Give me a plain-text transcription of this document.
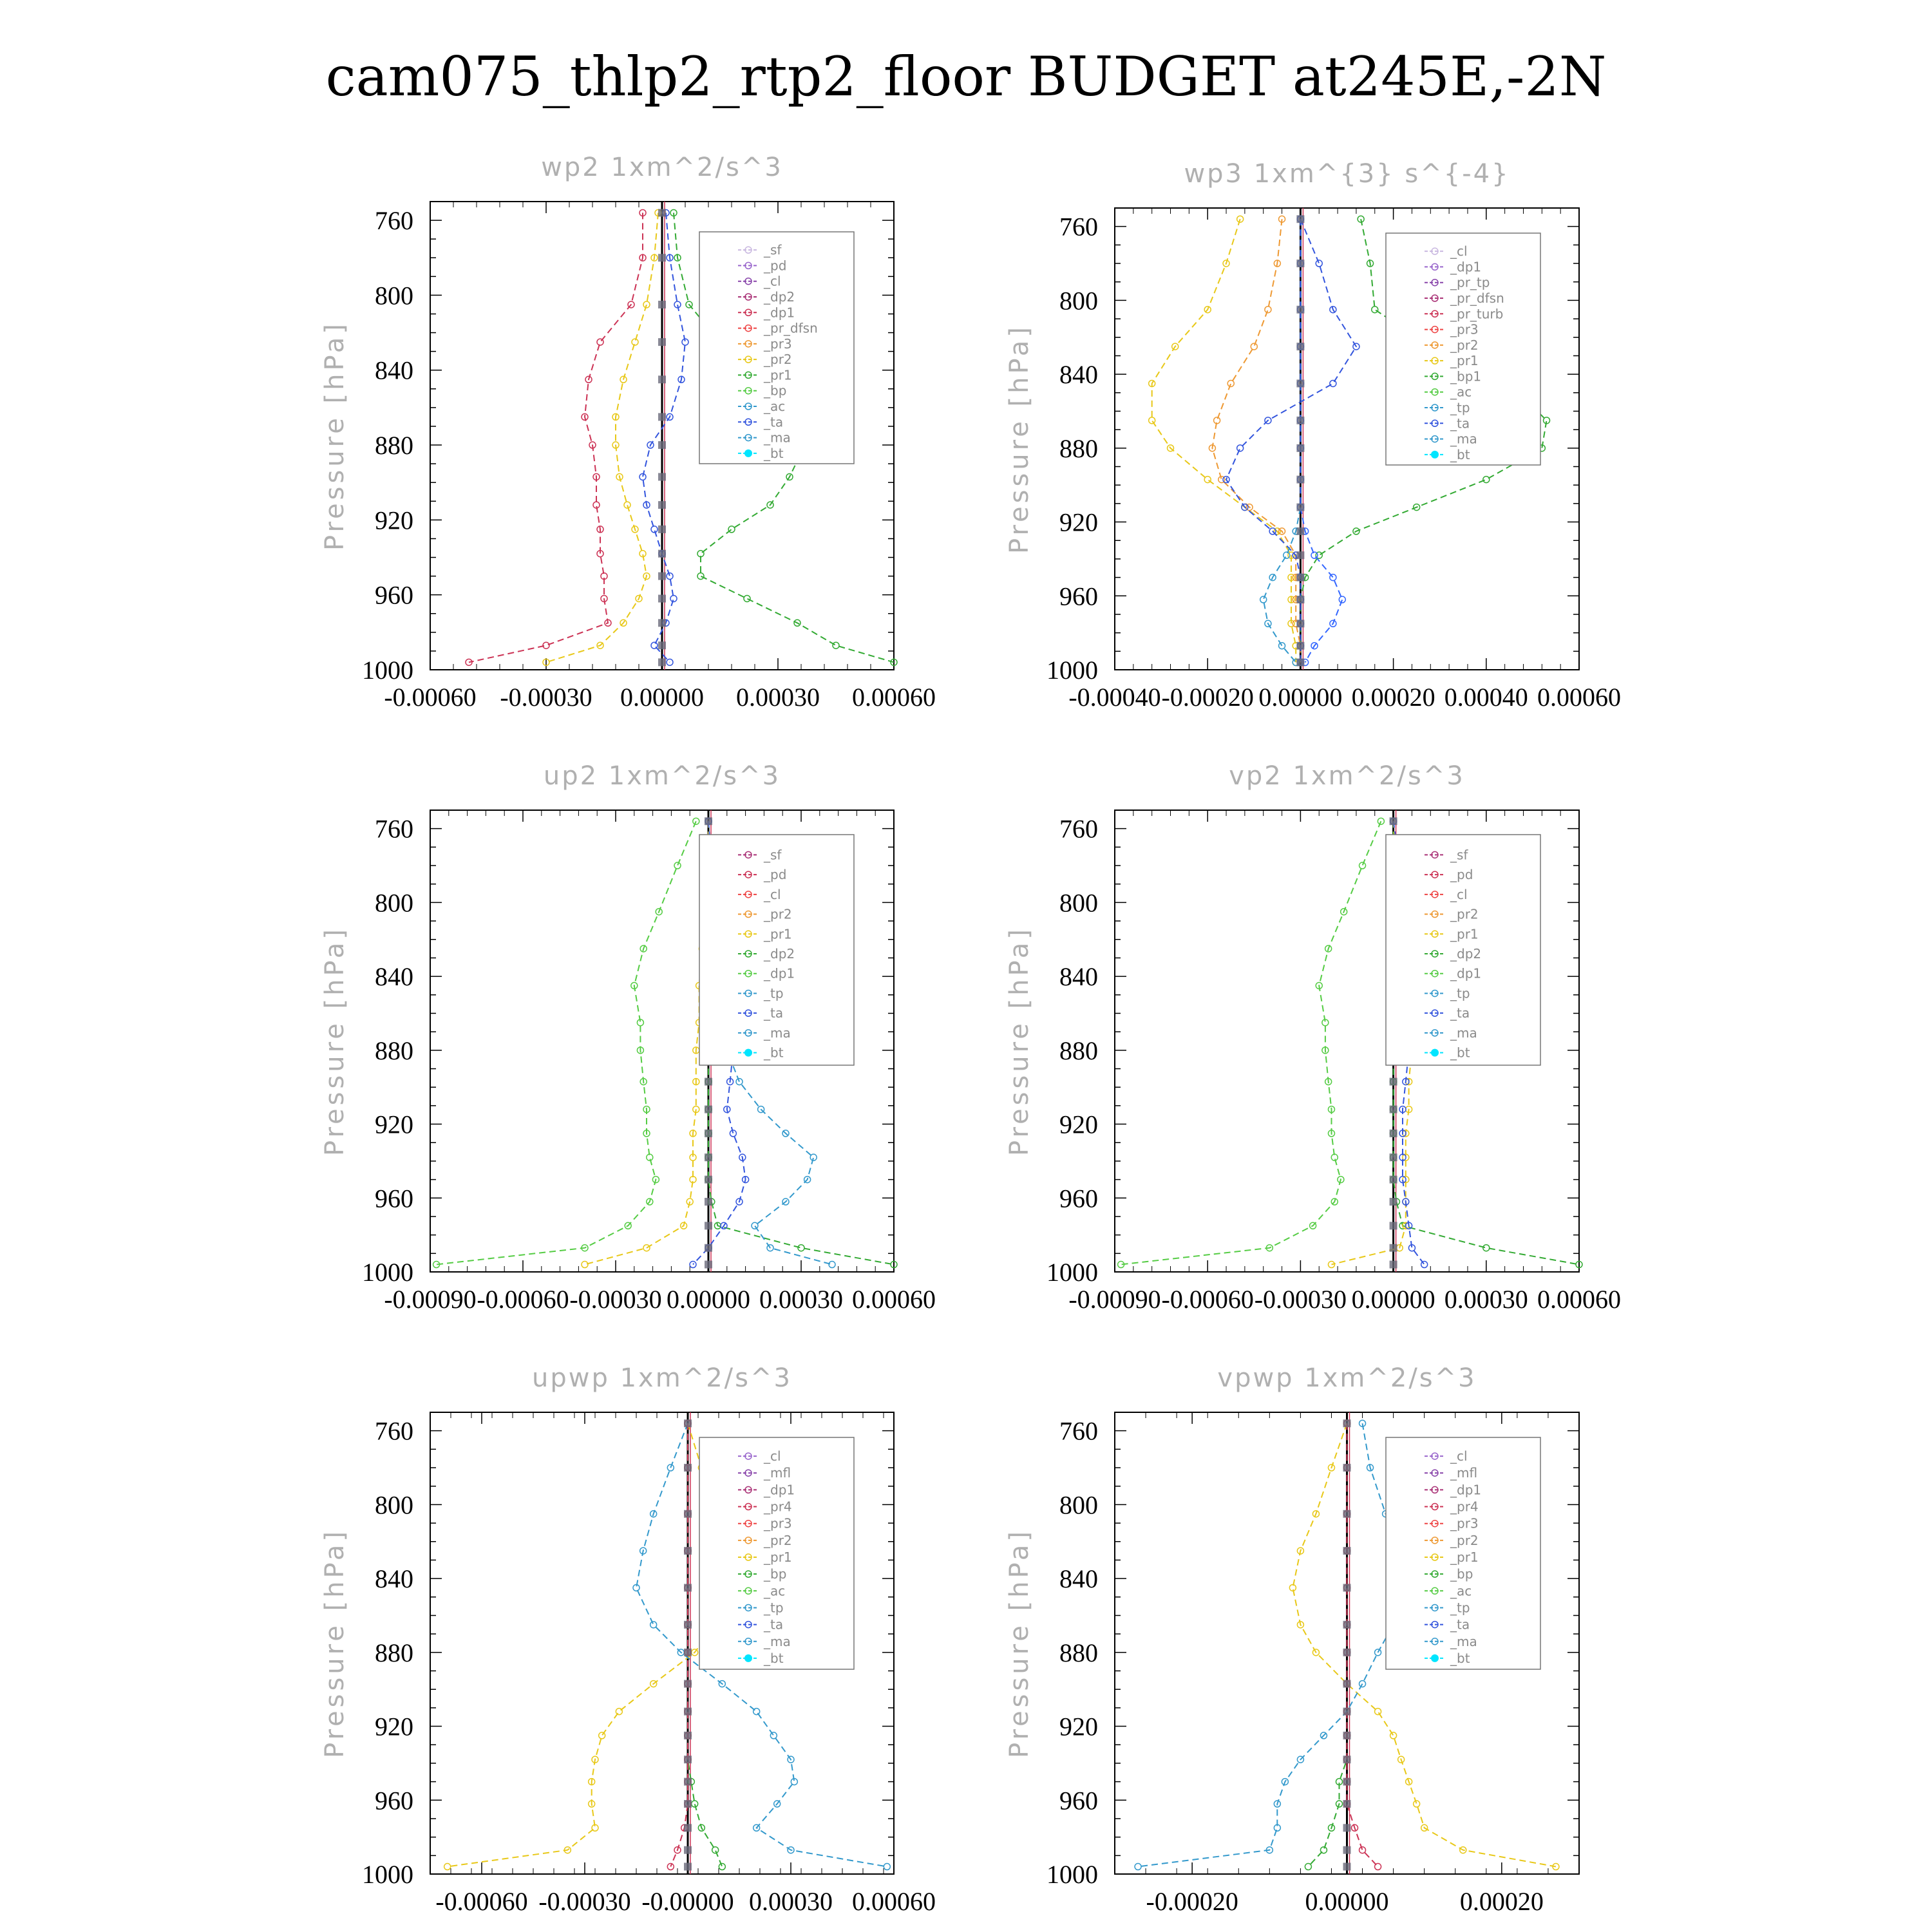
cam075_thlp2_rtp2_floor BUDGET at245E,-2N
wp2 1xm^2/s^3
Pressure [hPa]
760
800
840
880
920
960
1000
-0.00060 -0.00030 0.00000 0.00030 0.00060
_sf
_pd
_cl
_dp2
_dp1
_pr_dfsn
_pr3
_pr2
_pr1
_bp
_ac
_ta
_ma
_bt
wp3 1xm^{3} s^{-4}
Pressure [hPa]
760
800
840
880
920
960
1000
-0.00040 -0.00020 0.00000 0.00020 0.00040 0.00060
_cl
_dp1
_pr_tp
_pr_dfsn
_pr_turb
_pr3
_pr2
_pr1
_bp1
_ac
_tp
_ta
_ma
_bt
up2 1xm^2/s^3
Pressure [hPa]
760
800
840
880
920
960
1000
-0.00090 -0.00060 -0.00030 0.00000 0.00030 0.00060
_sf
_pd
_cl
_pr2
_pr1
_dp2
_dp1
_tp
_ta
_ma
_bt
vp2 1xm^2/s^3
Pressure [hPa]
760
800
840
880
920
960
1000
-0.00090 -0.00060 -0.00030 0.00000 0.00030 0.00060
_sf
_pd
_cl
_pr2
_pr1
_dp2
_dp1
_tp
_ta
_ma
_bt
upwp 1xm^2/s^3
Pressure [hPa]
760
800
840
880
920
960
1000
-0.00060 -0.00030 -0.00000 0.00030 0.00060
_cl
_mfl
_dp1
_pr4
_pr3
_pr2
_pr1
_bp
_ac
_tp
_ta
_ma
_bt
vpwp 1xm^2/s^3
Pressure [hPa]
760
800
840
880
920
960
1000
-0.00020	0.00000	0.00020
_cl
_mfl
_dp1
_pr4
_pr3
_pr2
_pr1
_bp
_ac
_tp
_ta
_ma
_bt
